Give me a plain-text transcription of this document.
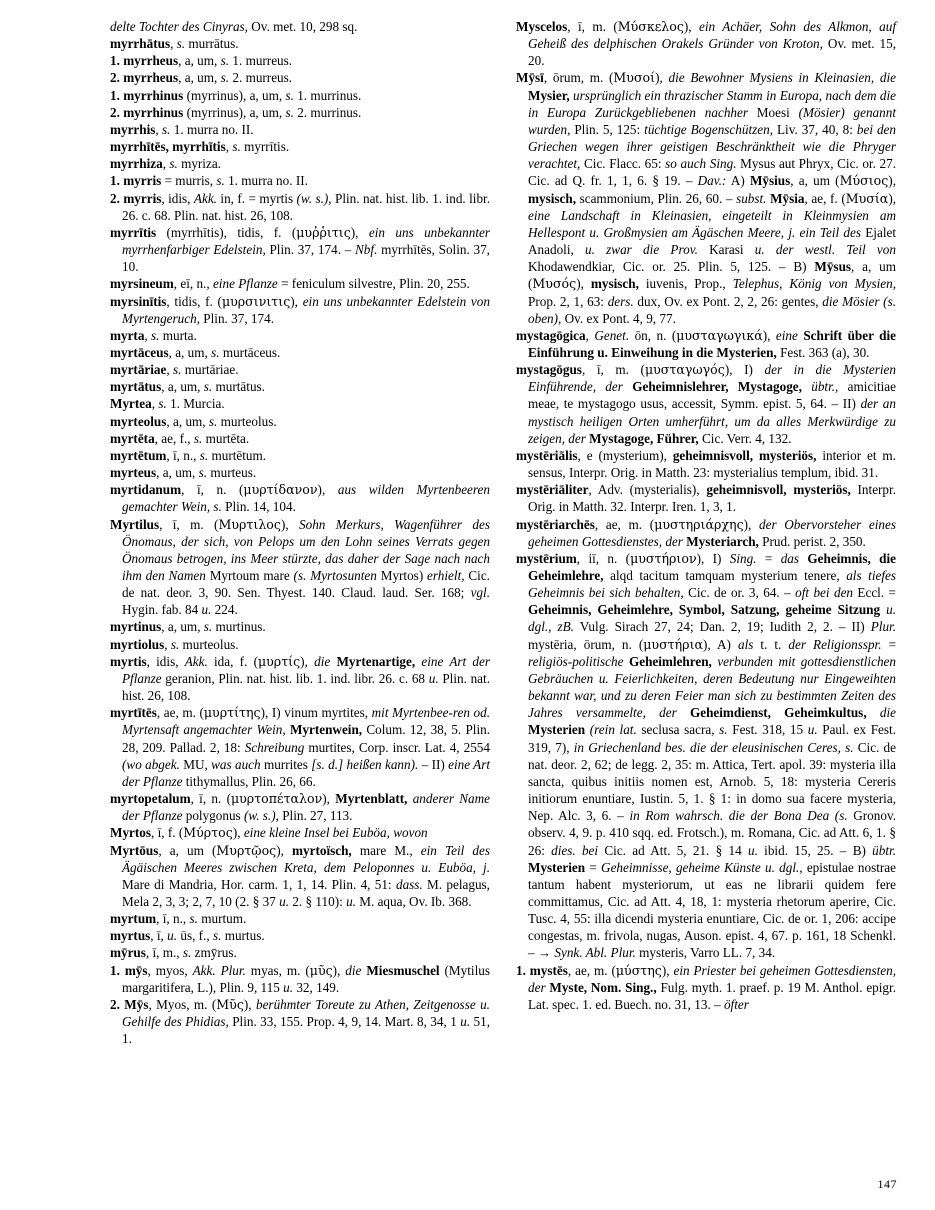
delte Tochter des Cinyras, Ov. met. 10, 298 sq.

myrrhātus, s. murrātus.

1. myrrheus, a, um, s. 1. murreus.

2. myrrheus, a, um, s. 2. murreus.

1. myrrhinus (myrrinus), a, um, s. 1. murrinus.

2. myrrhinus (myrrinus), a, um, s. 2. murrinus.

myrrhis, s. 1. murra no. II.

myrrhītēs, myrrhītis, s. myrrītis.

myrrhiza, s. myriza.

1. myrris = murris, s. 1. murra no. II.

2. myrris, idis, Akk. in, f. = myrtis (w. s.), Plin. nat. hist. lib. 1. ind. libr. 26. c. 68. Plin. nat. hist. 26, 108.

myrrītis (myrrhītis), tidis, f. (μυῤῥιτις), ein uns unbekannter myrrhenfarbiger Edelstein, Plin. 37, 174. – Nbf. myrrhītēs, Solin. 37, 10.

myrsineum, eī, n., eine Pflanze = feniculum silvestre, Plin. 20, 255.

myrsinītis, tidis, f. (μυρσινιτις), ein uns unbekannter Edelstein von Myrtengeruch, Plin. 37, 174.

myrta, s. murta.

myrtāceus, a, um, s. murtāceus.

myrtāriae, s. murtāriae.

myrtātus, a, um, s. murtātus.

Myrtea, s. 1. Murcia.

myrteolus, a, um, s. murteolus.

myrtēta, ae, f., s. murtēta.

myrtētum, ī, n., s. murtētum.

myrteus, a, um, s. murteus.

myrtidanum, ī, n. (μυρτίδανον), aus wilden Myrtenbeeren gemachter Wein, s. Plin. 14, 104.

Myrtilus, ī, m. (Μυρτιλος), Sohn Merkurs, Wagenführer des Önomaus, der sich, von Pelops um den Lohn seines Verrats gegen Önomaus betrogen, ins Meer stürzte, das daher der Sage nach nach ihm den Namen Myrtoum mare (s. Myrtosunten Myrtos) erhielt, Cic. de nat. deor. 3, 90. Sen. Thyest. 140. Claud. laud. Ser. 168; vgl. Hygin. fab. 84 u. 224.

myrtinus, a, um, s. murtinus.

myrtiolus, s. murteolus.

myrtis, idis, Akk. ida, f. (μυρτίς), die Myrtenartige, eine Art der Pflanze geranion, Plin. nat. hist. lib. 1. ind. libr. 26. c. 68 u. Plin. nat. hist. 26, 108.

myrtītēs, ae, m. (μυρτίτης), I) vinum myrtites, mit Myrtenbee-ren od. Myrtensaft angemachter Wein, Myrtenwein, Colum. 12, 38, 5. Plin. 28, 209. Pallad. 2, 18: Schreibung murtites, Corp. inscr. Lat. 4, 2554 (wo abgek. MU, was auch murrites [s. d.] heißen kann). – II) eine Art der Pflanze tithymallus, Plin. 26, 66.

myrtopetalum, ī, n. (μυρτοπέταλον), Myrtenblatt, anderer Name der Pflanze polygonus (w. s.), Plin. 27, 113.

Myrtos, ī, f. (Μύρτος), eine kleine Insel bei Euböa, wovon

Myrtōus, a, um (Μυρτῷος), myrtoïsch, mare M., ein Teil des Ägäischen Meeres zwischen Kreta, dem Peloponnes u. Euböa, j. Mare di Mandria, Hor. carm. 1, 1, 14. Plin. 4, 51: dass. M. pelagus, Mela 2, 3, 3; 2, 7, 10 (2. § 37 u. 2. § 110): u. M. aqua, Ov. Ib. 368.

myrtum, ī, n., s. murtum.

myrtus, ī, u. ūs, f., s. murtus.

mȳrus, ī, m., s. zmȳrus.

1. mȳs, myos, Akk. Plur. myas, m. (μῦς), die Miesmuschel (Mytilus margaritifera, L.), Plin. 9, 115 u. 32, 149.

2. Mȳs, Myos, m. (Μῦς), berühmter Toreute zu Athen, Zeitgenosse u. Gehilfe des Phidias, Plin. 33, 155. Prop. 4, 9, 14. Mart. 8, 34, 1 u. 51, 1.

Myscelos, ī, m. (Μύσκελος), ein Achäer, Sohn des Alkmon, auf Geheiß des delphischen Orakels Gründer von Kroton, Ov. met. 15, 20.

Mȳsī, ōrum, m. (Μυσοί), die Bewohner Mysiens in Kleinasien, die Mysier, ursprünglich ein thrazischer Stamm in Europa, nach dem die in Europa Zurückgebliebenen nachher Moesi (Mösier) genannt wurden, Plin. 5, 125: tüchtige Bogenschützen, Liv. 37, 40, 8: bei den Griechen wegen ihrer geistigen Beschränktheit wie die Phryger verachtet, Cic. Flacc. 65: so auch Sing. Mysus aut Phryx, Cic. or. 27. Cic. ad Q. fr. 1, 1, 6. § 19. – Dav.: A) Mȳsius, a, um (Μύσιος), mysisch, scammonium, Plin. 26, 60. – subst. Mȳsia, ae, f. (Μυσία), eine Landschaft in Kleinasien, eingeteilt in Kleinmysien am Hellespont u. Großmysien am Ägäschen Meere, j. ein Teil des Ejalet Anadoli, u. zwar die Prov. Karasi u. der westl. Teil von Khodawendkiar, Cic. or. 25. Plin. 5, 125. – B) Mȳsus, a, um (Μυσός), mysisch, iuvenis, Prop., Telephus, König von Mysien, Prop. 2, 1, 63: ders. dux, Ov. ex Pont. 2, 2, 26: gentes, die Mösier (s. oben), Ov. ex Pont. 4, 9, 77.

mystagōgica, Genet. ōn, n. (μυσταγωγικά), eine Schrift über die Einführung u. Einweihung in die Mysterien, Fest. 363 (a), 30.

mystagōgus, ī, m. (μυσταγωγός), I) der in die Mysterien Einführende, der Geheimnislehrer, Mystagoge, übtr., amicitiae meae, te mystagogo usus, accessit, Symm. epist. 5, 64. – II) der an mystisch heiligen Orten umherführt, um da alles Merkwürdige zu zeigen, der Mystagoge, Führer, Cic. Verr. 4, 132.

mystēriālis, e (mysterium), geheimnisvoll, mysteriös, interior et m. sensus, Interpr. Orig. in Matth. 23: mysterialius templum, ibid. 31.

mystēriāliter, Adv. (mysterialis), geheimnisvoll, mysteriös, Interpr. Orig. in Matth. 32. Interpr. Iren. 1, 3, 1.

mystēriarchēs, ae, m. (μυστηριάρχης), der Obervorsteher eines geheimen Gottesdienstes, der Mysteriarch, Prud. perist. 2, 350.

mystērium, iī, n. (μυστήριον), I) Sing. = das Geheimnis, die Geheimlehre, alqd tacitum tamquam mysterium tenere, als tiefes Geheimnis bei sich behalten, Cic. de or. 3, 64. – oft bei den Eccl. = Geheimnis, Geheimlehre, Symbol, Satzung, geheime Sitzung u. dgl., zB. Vulg. Sirach 27, 24; Dan. 2, 19; Iudith 2, 2. – II) Plur. mystēria, ōrum, n. (μυστήρια), A) als t. t. der Religionsspr. = religiös-politische Geheimlehren, verbunden mit gottesdienstlichen Gebräuchen u. Feierlichkeiten, deren Bedeutung nur Eingeweihten bekannt war, und zu deren Feier man sich zu bestimmten Zeiten des Jahres versammelte, der Geheimdienst, Geheimkultus, die Mysterien (rein lat. seclusa sacra, s. Fest. 318, 15 u. Paul. ex Fest. 319, 7), in Griechenland bes. die der eleusinischen Ceres, s. Cic. de nat. deor. 2, 62; de legg. 2, 35: m. Attica, Tert. apol. 39: mysteria illa sancta, quibus initiis nomen est, Arnob. 5, 18: mysteria Cereris initiorum enuntiare, Iustin. 5, 1. § 1: in domo sua facere mysteria, Nep. Alc. 3, 6. – in Rom wahrsch. die der Bona Dea (s. Gronov. observ. 4, 9. p. 410 sqq. ed. Frotsch.), m. Romana, Cic. ad Att. 6, 1. § 26: dies. bei Cic. ad Att. 5, 21. § 14 u. ibid. 15, 25. – B) übtr. Mysterien = Geheimnisse, geheime Künste u. dgl., epistulae nostrae tantum habent mysteriorum, ut eas ne librarii quidem fere committamus, Cic. ad Att. 4, 18, 1: mysteria rhetorum aperire, Cic. Tusc. 4, 55: illa dicendi mysteria enuntiare, Cic. de or. 1, 206: accipe congestas, m. frivola, nugas, Auson. epist. 4, 67. p. 161, 18 Schenkl. – → Synk. Abl. Plur. mysteris, Varro LL. 7, 34.

1. mystēs, ae, m. (μύστης), ein Priester bei geheimen Gottesdiensten, der Myste, Nom. Sing., Fulg. myth. 1. praef. p. 19 M. Anthol. epigr. Lat. spec. 1. ed. Buech. no. 31, 13. – öfter

147
